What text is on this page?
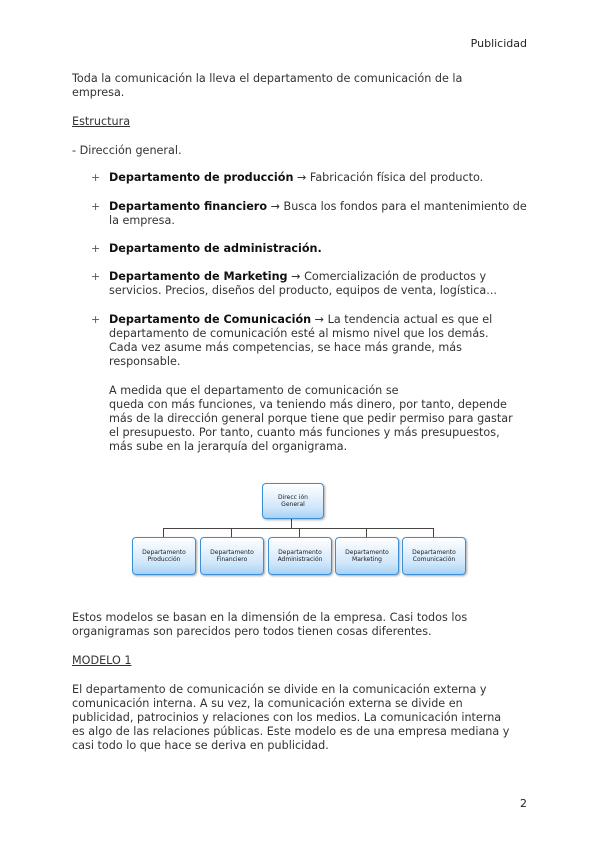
Publicidad
Toda la comunicación la lleva el departamento de comunicación de la
empresa.
Estructura
- Dirección general.
+ Departamento de producción → Fabricación física del producto.
+ Departamento financiero → Busca los fondos para el mantenimiento de
la empresa.
+ Departamento de administración.
+ Departamento de Marketing → Comercialización de productos y
servicios. Precios, diseños del producto, equipos de venta, logística...
+ Departamento de Comunicación → La tendencia actual es que el
departamento de comunicación esté al mismo nivel que los demás.
Cada vez asume más competencias, se hace más grande, más
responsable.
A medida que el departamento de comunicación se
queda con más funciones, va teniendo más dinero, por tanto, depende
más de la dirección general porque tiene que pedir permiso para gastar
el presupuesto. Por tanto, cuanto más funciones y más presupuestos,
más sube en la jerarquía del organigrama.
Direcc ión
General
Departamento
Producción
Departamento
Financiero
Departamento
Administración
Departamento
Marketing
Departamento
Comunicación
Estos modelos se basan en la dimensión de la empresa. Casi todos los
organigramas son parecidos pero todos tienen cosas diferentes.
MODELO 1
El departamento de comunicación se divide en la comunicación externa y
comunicación interna. A su vez, la comunicación externa se divide en
publicidad, patrocinios y relaciones con los medios. La comunicación interna
es algo de las relaciones públicas. Este modelo es de una empresa mediana y
casi todo lo que hace se deriva en publicidad.
2
